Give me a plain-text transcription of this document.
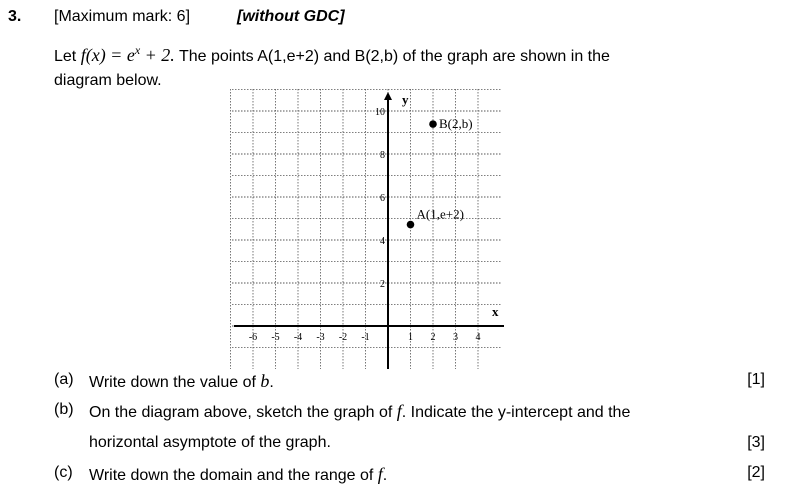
3. [Maximum mark: 6]	[without GDC]
Let $f(x) = e^x + 2$. The points A(1,e+2) and B(2,b) of the graph are shown in the
diagram below.
-6 -5 -4 -3 -2 -1	1 2 3 4
2
4
6
8
10
A(1,e+2)
B(2,b)
x
y
(a) Write down the value of b.	[1]
(b) On the diagram above, sketch the graph of f. Indicate the y-intercept and the
horizontal asymptote of the graph.	[3]
(c) Write down the domain and the range of f.	[2]
